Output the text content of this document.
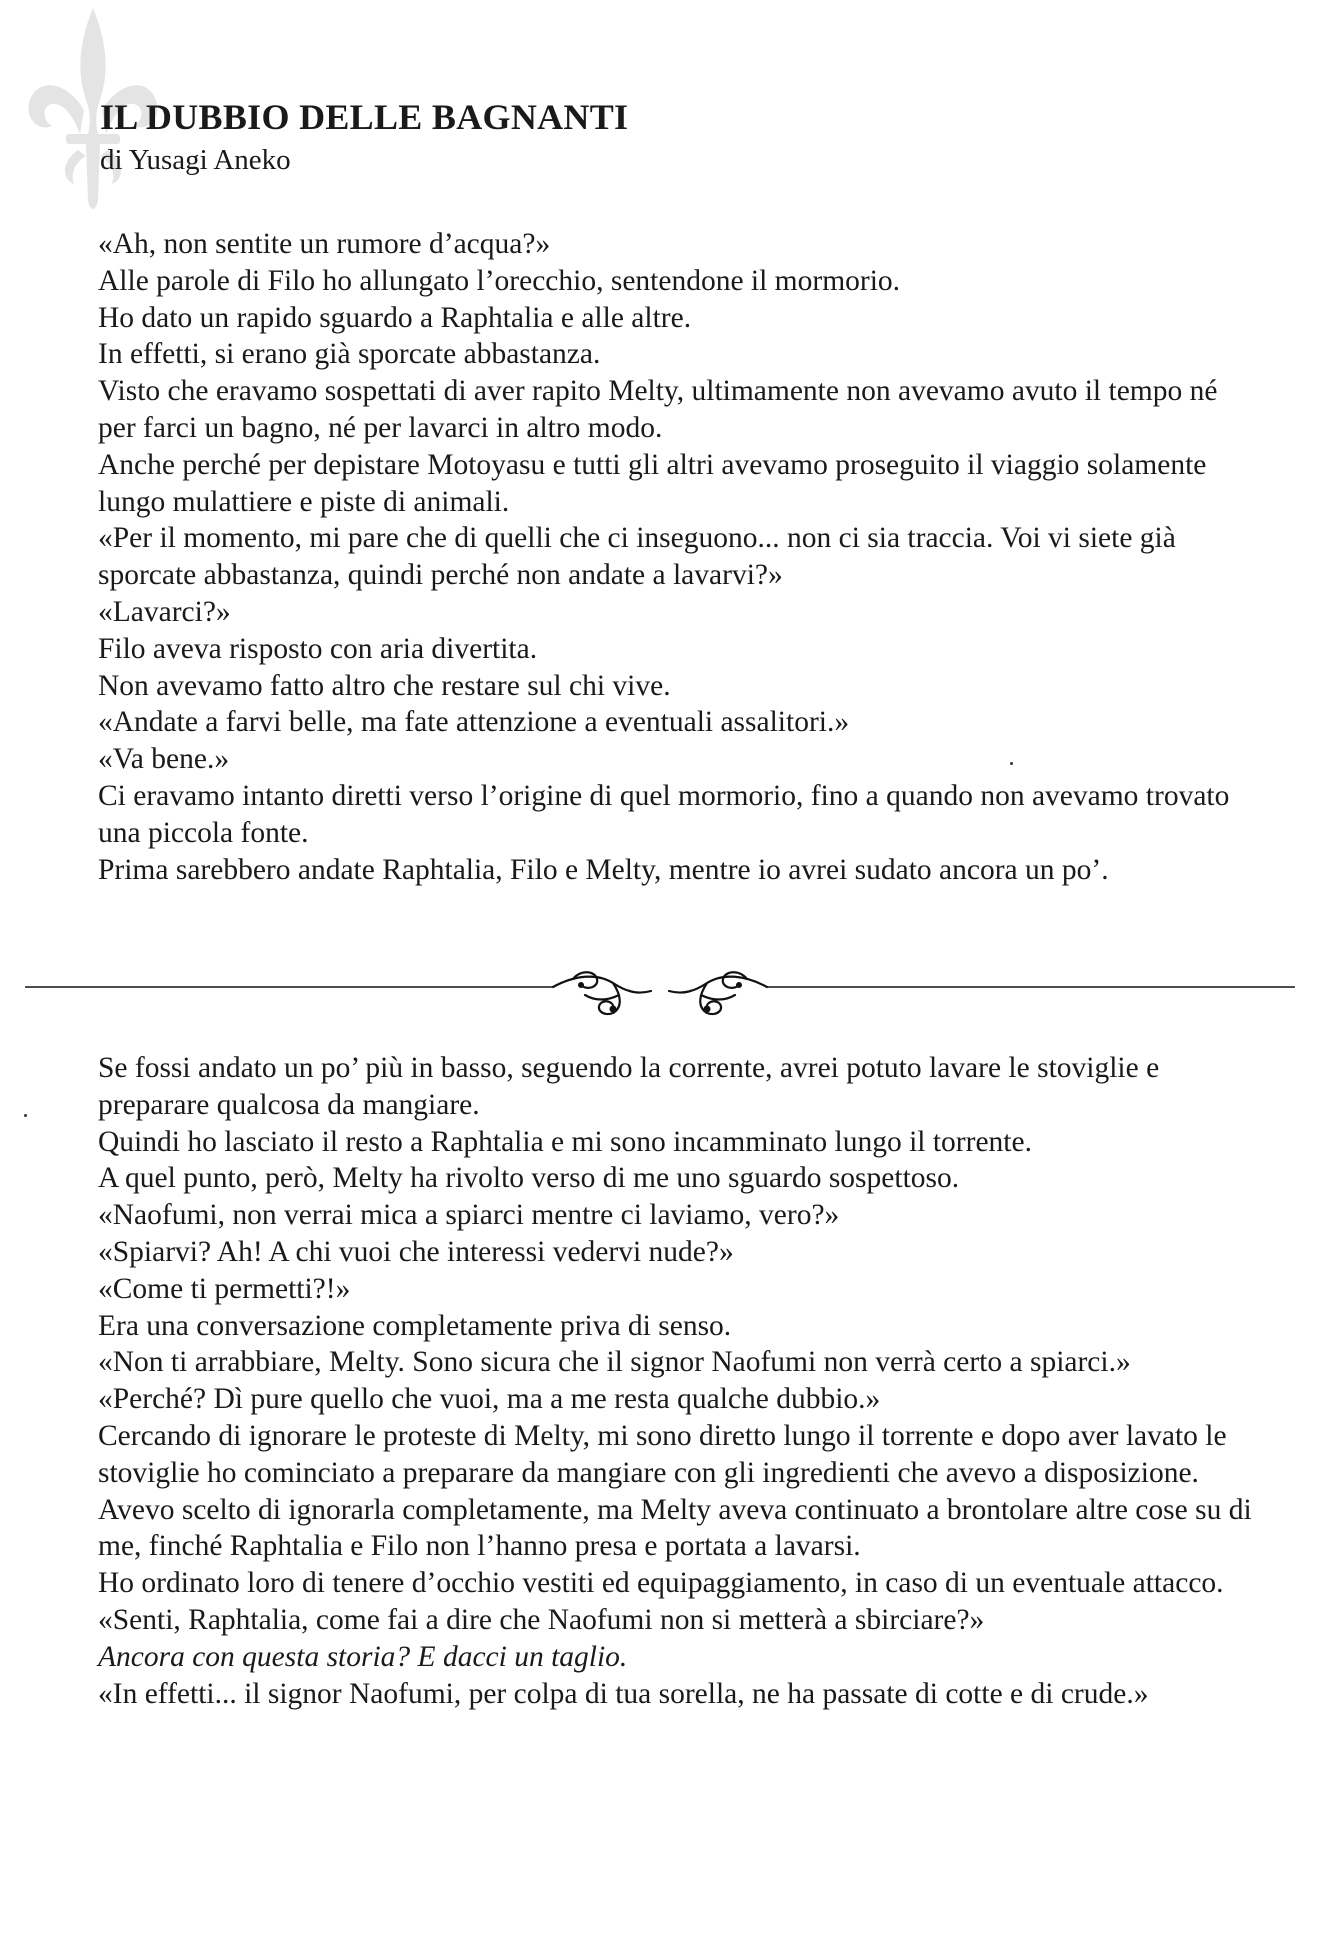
IL DUBBIO DELLE BAGNANTI
di Yusagi Aneko

«Ah, non sentite un rumore d’acqua?»

Alle parole di Filo ho allungato l’orecchio, sentendone il mormorio.

Ho dato un rapido sguardo a Raphtalia e alle altre.

In effetti, si erano già sporcate abbastanza.

Visto che eravamo sospettati di aver rapito Melty, ultimamente non avevamo avuto il tempo né per farci un bagno, né per lavarci in altro modo.

Anche perché per depistare Motoyasu e tutti gli altri avevamo proseguito il viaggio solamente lungo mulattiere e piste di animali.

«Per il momento, mi pare che di quelli che ci inseguono... non ci sia traccia. Voi vi siete già sporcate abbastanza, quindi perché non andate a lavarvi?»

«Lavarci?»

Filo aveva risposto con aria divertita.

Non avevamo fatto altro che restare sul chi vive.

«Andate a farvi belle, ma fate attenzione a eventuali assalitori.»

«Va bene.»

Ci eravamo intanto diretti verso l’origine di quel mormorio, fino a quando non avevamo trovato una piccola fonte.

Prima sarebbero andate Raphtalia, Filo e Melty, mentre io avrei sudato ancora un po’.

Se fossi andato un po’ più in basso, seguendo la corrente, avrei potuto lavare le stoviglie e preparare qualcosa da mangiare.

Quindi ho lasciato il resto a Raphtalia e mi sono incamminato lungo il torrente.

A quel punto, però, Melty ha rivolto verso di me uno sguardo sospettoso.

«Naofumi, non verrai mica a spiarci mentre ci laviamo, vero?»

«Spiarvi? Ah! A chi vuoi che interessi vedervi nude?»

«Come ti permetti?!»

Era una conversazione completamente priva di senso.

«Non ti arrabbiare, Melty. Sono sicura che il signor Naofumi non verrà certo a spiarci.»

«Perché? Dì pure quello che vuoi, ma a me resta qualche dubbio.»

Cercando di ignorare le proteste di Melty, mi sono diretto lungo il torrente e dopo aver lavato le stoviglie ho cominciato a preparare da mangiare con gli ingredienti che avevo a disposizione.

Avevo scelto di ignorarla completamente, ma Melty aveva continuato a brontolare altre cose su di me, finché Raphtalia e Filo non l’hanno presa e portata a lavarsi.

Ho ordinato loro di tenere d’occhio vestiti ed equipaggiamento, in caso di un eventuale attacco.

«Senti, Raphtalia, come fai a dire che Naofumi non si metterà a sbirciare?»

Ancora con questa storia? E dacci un taglio.

«In effetti... il signor Naofumi, per colpa di tua sorella, ne ha passate di cotte e di crude.»
